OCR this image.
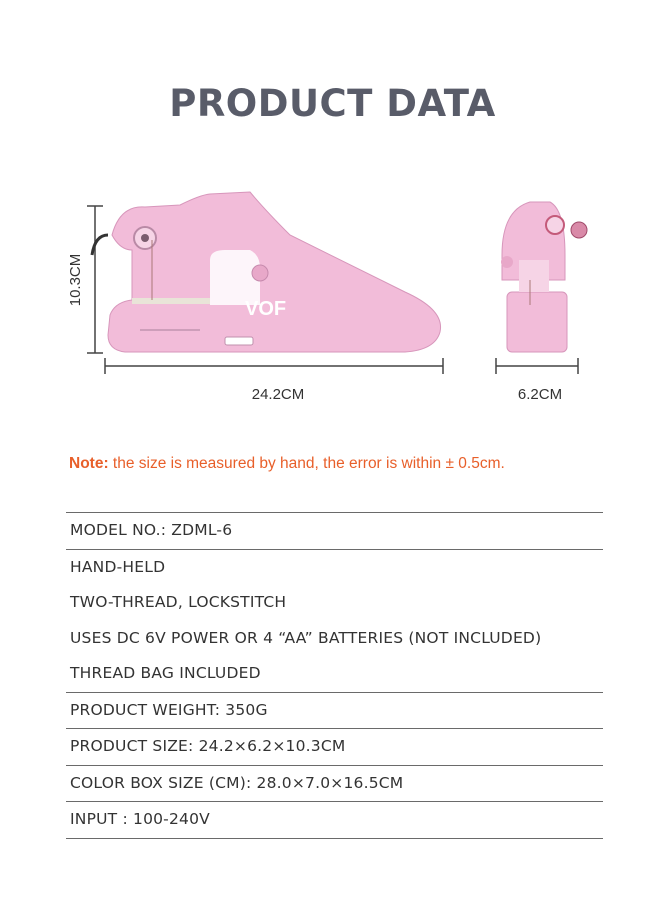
PRODUCT DATA
10.3CM
24.2CM	6.2CM
VOF
Note: the size is measured by hand, the error is within ± 0.5cm.
MODEL NO.: ZDML-6
HAND-HELD
TWO-THREAD, LOCKSTITCH
USES DC 6V POWER OR 4 “AA” BATTERIES (NOT INCLUDED)
THREAD BAG INCLUDED
PRODUCT WEIGHT: 350G
PRODUCT SIZE: 24.2×6.2×10.3CM
COLOR BOX SIZE (CM): 28.0×7.0×16.5CM
INPUT : 100-240V
